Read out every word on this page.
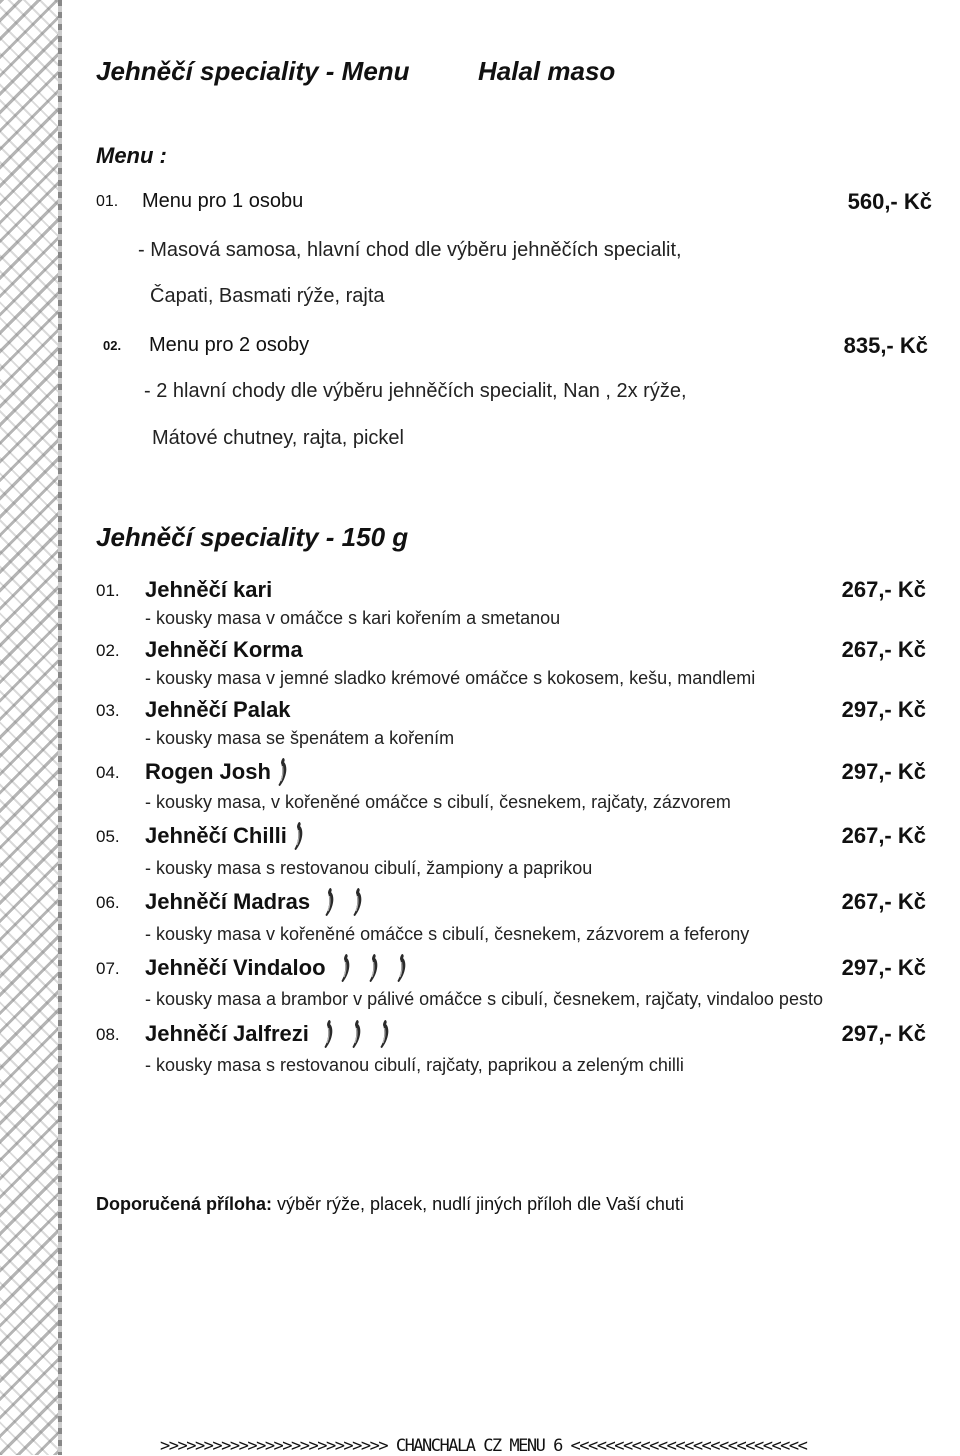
Jehněčí speciality - Menu	Halal maso
Menu :
01. Menu pro 1 osobu	560,- Kč
- Masová samosa, hlavní chod dle výběru jehněčích specialit,
Čapati, Basmati rýže, rajta
02. Menu pro 2 osoby	835,- Kč
- 2 hlavní chody dle výběru jehněčích specialit, Nan , 2x rýže,
Mátové chutney, rajta, pickel
Jehněčí speciality - 150 g
01. Jehněčí kari	267,- Kč
- kousky masa v omáčce s kari kořením a smetanou
02. Jehněčí Korma	267,- Kč
- kousky masa v jemné sladko krémové omáčce s kokosem, kešu, mandlemi
03. Jehněčí Palak	297,- Kč
- kousky masa se špenátem a kořením
04. Rogen Josh	297,- Kč
- kousky masa, v kořeněné omáčce s cibulí, česnekem, rajčaty, zázvorem
05. Jehněčí Chilli	267,- Kč
- kousky masa s restovanou cibulí, žampiony a paprikou
06. Jehněčí Madras	267,- Kč
- kousky masa v kořeněné omáčce s cibulí, česnekem, zázvorem a feferony
07. Jehněčí Vindaloo	297,- Kč
- kousky masa a brambor v pálivé omáčce s cibulí, česnekem, rajčaty, vindaloo pesto
08. Jehněčí Jalfrezi	297,- Kč
- kousky masa s restovanou cibulí, rajčaty, paprikou a zeleným chilli
Doporučená příloha: výběr rýže, placek, nudlí jiných příloh dle Vaší chuti
>>>>>>>>>>>>>>>>>>>>>>>>>> CHANCHALA CZ MENU 6 <<<<<<<<<<<<<<<<<<<<<<<<<<<
